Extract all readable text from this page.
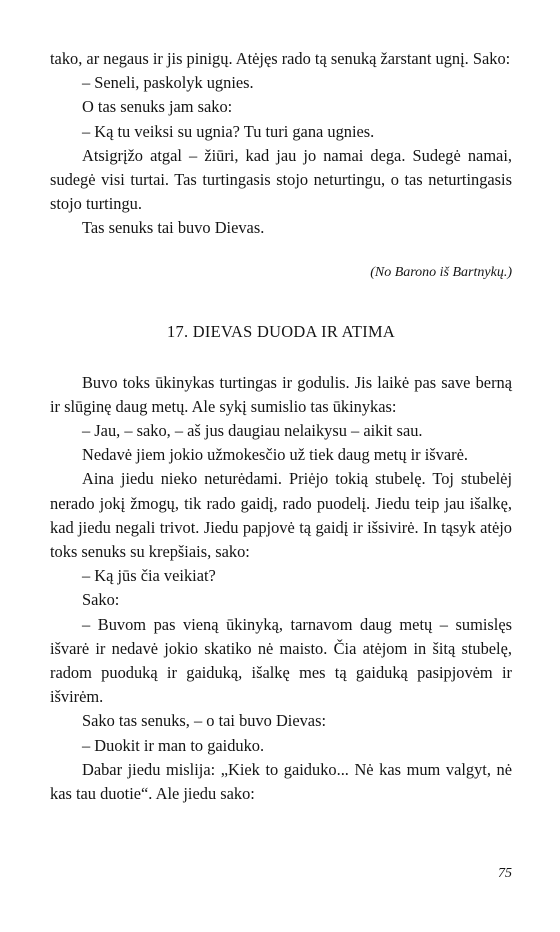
tako, ar negaus ir jis pinigų. Atėjęs rado tą senuką žarstant ugnį. Sako:

– Seneli, paskolyk ugnies.

O tas senuks jam sako:

– Ką tu veiksi su ugnia? Tu turi gana ugnies.

Atsigrįžo atgal – žiūri, kad jau jo namai dega. Sudegė namai, sudegė visi turtai. Tas turtingasis stojo neturtingu, o tas neturtingasis stojo turtingu.

Tas senuks tai buvo Dievas.

(No Barono iš Bartnykų.)
17. DIEVAS DUODA IR ATIMA

Buvo toks ūkinykas turtingas ir godulis. Jis laikė pas save berną ir slūginę daug metų. Ale sykį sumislio tas ūkinykas:

– Jau, – sako, – aš jus daugiau nelaikysu – aikit sau.

Nedavė jiem jokio užmokesčio už tiek daug metų ir išvarė.

Aina jiedu nieko neturėdami. Priėjo tokią stubelę. Toj stubelėj nerado jokį žmogų, tik rado gaidį, rado puodelį. Jiedu teip jau išalkę, kad jiedu negali trivot. Jiedu papjovė tą gaidį ir išsivirė. In tąsyk atėjo toks senuks su krepšiais, sako:

– Ką jūs čia veikiat?

Sako:

– Buvom pas vieną ūkinyką, tarnavom daug metų – sumislęs išvarė ir nedavė jokio skatiko nė maisto. Čia atėjom in šitą stubelę, radom puoduką ir gaiduką, išalkę mes tą gaiduką pasipjovėm ir išvirėm.

Sako tas senuks, – o tai buvo Dievas:

– Duokit ir man to gaiduko.

Dabar jiedu mislija: „Kiek to gaiduko... Nė kas mum valgyt, nė kas tau duotie“. Ale jiedu sako:

75
